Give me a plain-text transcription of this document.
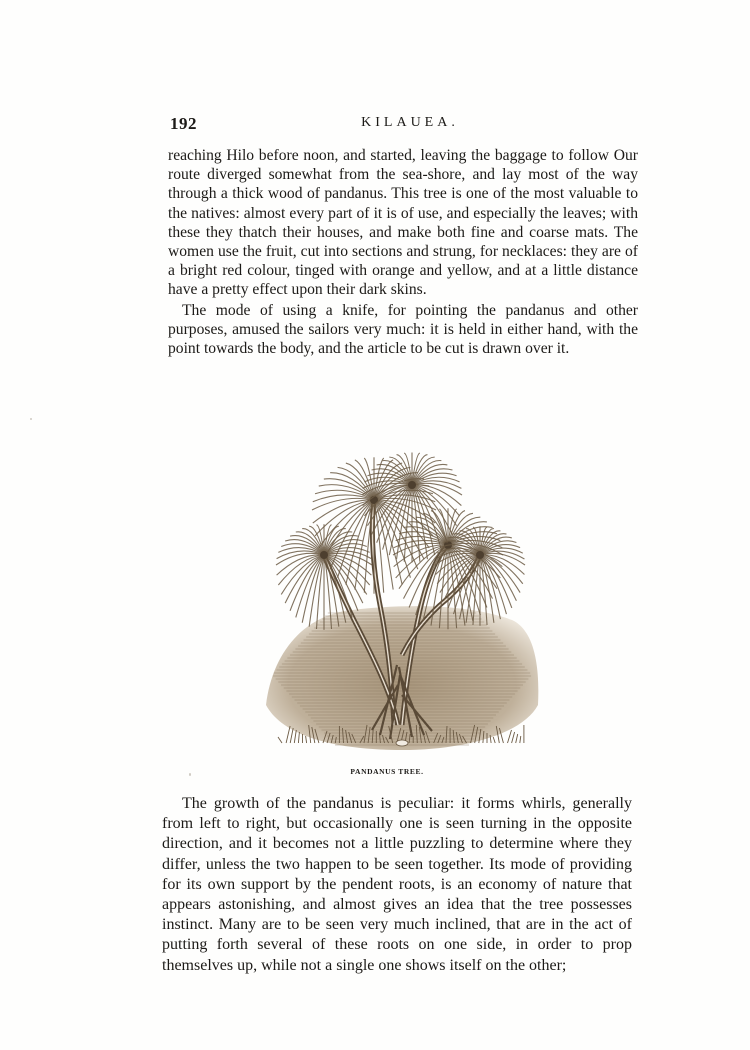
192	KILAUEA.

reaching Hilo before noon, and started, leaving the baggage to follow Our route diverged somewhat from the sea-shore, and lay most of the way through a thick wood of pandanus. This tree is one of the most valuable to the natives: almost every part of it is of use, and especially the leaves; with these they thatch their houses, and make both fine and coarse mats. The women use the fruit, cut into sections and strung, for necklaces: they are of a bright red colour, tinged with orange and yellow, and at a little distance have a pretty effect upon their dark skins.

The mode of using a knife, for pointing the pandanus and other purposes, amused the sailors very much: it is held in either hand, with the point towards the body, and the article to be cut is drawn over it.

PANDANUS TREE.

The growth of the pandanus is peculiar: it forms whirls, generally from left to right, but occasionally one is seen turning in the opposite direction, and it becomes not a little puzzling to determine where they differ, unless the two happen to be seen together. Its mode of providing for its own support by the pendent roots, is an economy of nature that appears astonishing, and almost gives an idea that the tree possesses instinct. Many are to be seen very much inclined, that are in the act of putting forth several of these roots on one side, in order to prop themselves up, while not a single one shows itself on the other;
